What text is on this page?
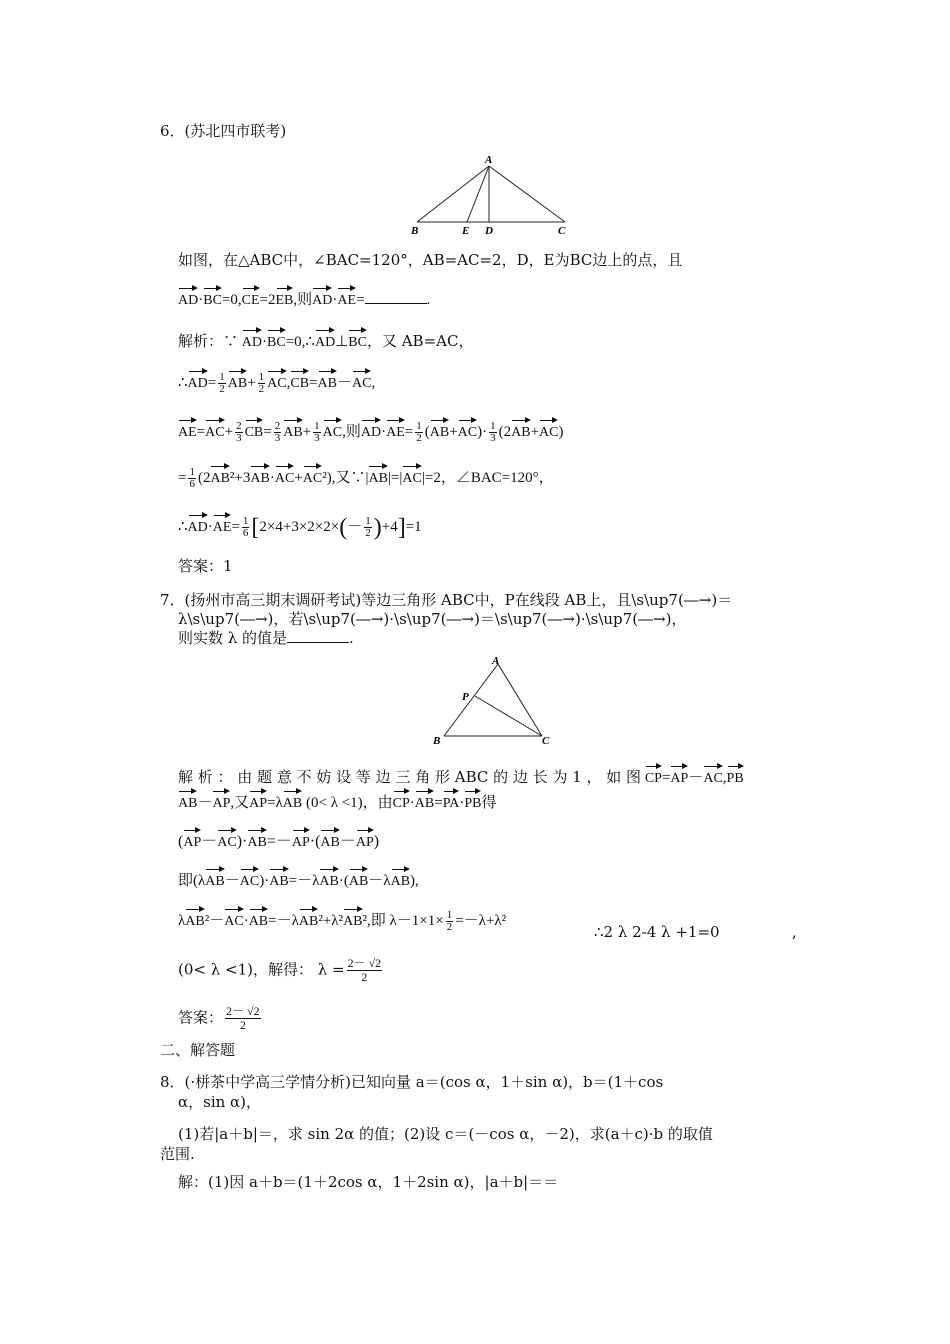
6．(苏北四市联考)
A
B	E D	C
如图，在△ABC中，∠BAC=120°，AB=AC=2，D，E为BC边上的点，且
AD·BC=0,CE=2EB,则AD·AE=	.
解析：∵ AD·BC=0,∴AD⊥BC，又 AB=AC，
∴AD= $\frac{1}{2} AB+ \frac{1}{2} AC,CB=AB-AC$,
$AE=AC+ \frac{2}{3} CB= \frac{2}{3} AB+ \frac{1}{3}$ AC,则$AD\cdot AE= \frac{1}{2} (AB+AC)\cdot \frac{1}{3} (2AB+AC)$
= $\frac{1}{6} (2AB^2+3AB\cdot AC+AC^2)$,又∵|AB|=|AC|=2，∠BAC=120°，
∴AD·AE= $\frac{1}{6} [2\times 4+3\times 2\times 2\times(- \frac{1}{2} )+4]=1$
答案：1
7．(扬州市高三期末调研考试)等边三角形 ABC中，P在线段 AB上，且\s\up7(―→)＝
λ\s\up7(―→)，若\s\up7(―→)·\s\up7(―→)＝\s\up7(―→)·\s\up7(―→)，
则实数 λ 的值是	.
A
P
B	C
解 析 ： 由 题 意 不 妨 设 等 边 三 角 形 ABC 的 边 长 为 1 ， 如 图 CP=AP－AC,PB
AB－AP,又AP=λAB (0< λ <1)，由CP·AB=PA·PB得
(AP－AC)·AB=－AP·(AB－AP)
即(λAB－AC)·AB=－λAB·(AB－λAB),
λAB²－AC·AB=－λAB²+λ²AB²,即 $\lambda-1\times 1\times \frac{1}{2} =-\lambda+\lambda^2$
∴2 λ 2-4 λ +1=0	,
(0< λ <1)，解得： $\lambda = \frac{2- √2}{2}$
答案： $\frac{2- √2}{2}$
二、解答题
8．(·栟茶中学高三学情分析)已知向量 a＝(cos α，1＋sin α)，b＝(1＋cos
α，sin α)，
(1)若|a＋b|＝，求 sin 2α 的值；(2)设 c＝(－cos α，－2)，求(a＋c)·b 的取值
范围.
解：(1)因 a＋b＝(1＋2cos α，1＋2sin α)，|a＋b|＝＝
